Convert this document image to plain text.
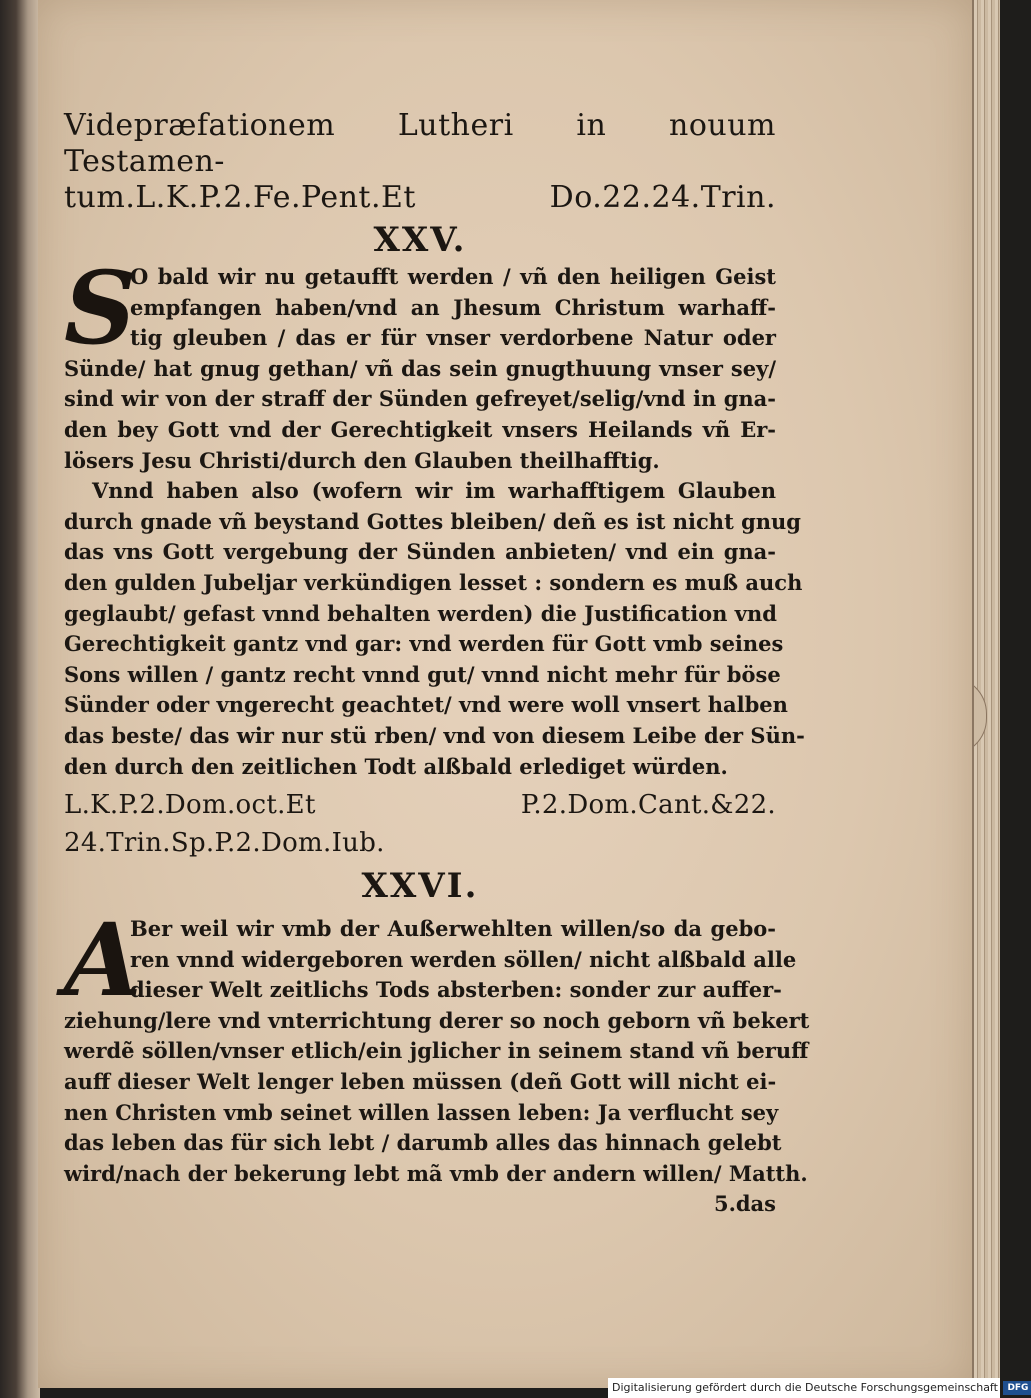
Videpræfationem Lutheri in nouum Testamen-
tum.L.K.P.2.Fe.Pent.Et Do.22.24.Trin.
XXV.
S
O bald wir nu getaufft werden / vñ den heiligen Geist
empfangen haben/vnd an Jhesum Christum warhaff-
tig gleuben / das er für vnser verdorbene Natur oder
Sünde/ hat gnug gethan/ vñ das sein gnugthuung vnser sey/
sind wir von der straff der Sünden gefreyet/selig/vnd in gna-
den bey Gott vnd der Gerechtigkeit vnsers Heilands vñ Er-
lösers Jesu Christi/durch den Glauben theilhafftig.
Vnnd haben also (wofern wir im warhafftigem Glauben
durch gnade vñ beystand Gottes bleiben/ deñ es ist nicht gnug
das vns Gott vergebung der Sünden anbieten/ vnd ein gna-
den gulden Jubeljar verkündigen lesset : sondern es muß auch
geglaubt/ gefast vnnd behalten werden) die Justification vnd
Gerechtigkeit gantz vnd gar: vnd werden für Gott vmb seines
Sons willen / gantz recht vnnd gut/ vnnd nicht mehr für böse
Sünder oder vngerecht geachtet/ vnd were woll vnsert halben
das beste/ das wir nur stü rben/ vnd von diesem Leibe der Sün-
den durch den zeitlichen Todt alßbald erlediget würden.
L.K.P.2.Dom.oct.Et P.2.Dom.Cant.&22.
24.Trin.Sp.P.2.Dom.Iub.
XXVI.
A
Ber weil wir vmb der Außerwehlten willen/so da gebo-
ren vnnd widergeboren werden söllen/ nicht alßbald alle
dieser Welt zeitlichs Tods absterben: sonder zur auffer-
ziehung/lere vnd vnterrichtung derer so noch geborn vñ bekert
werdẽ söllen/vnser etlich/ein jglicher in seinem stand vñ beruff
auff dieser Welt lenger leben müssen (deñ Gott will nicht ei-
nen Christen vmb seinet willen lassen leben: Ja verflucht sey
das leben das für sich lebt / darumb alles das hinnach gelebt
wird/nach der bekerung lebt mã vmb der andern willen/ Matth.
5.das
Digitalisierung gefördert durch die Deutsche Forschungsgemeinschaft DFG
